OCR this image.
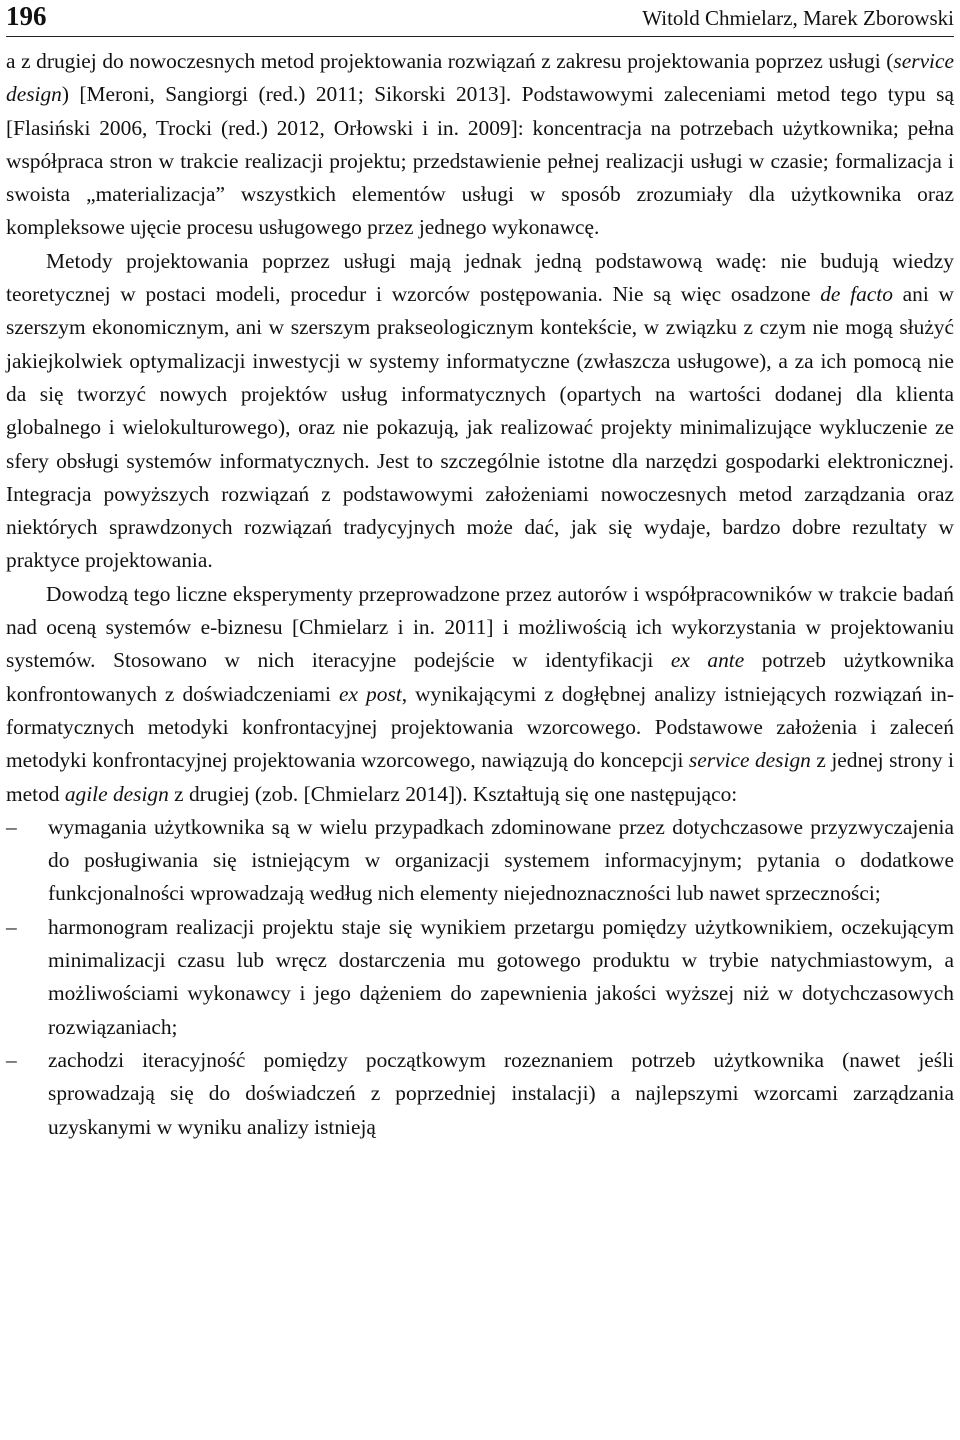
196	Witold Chmielarz, Marek Zborowski

a z drugiej do nowoczesnych metod projektowania rozwiązań z zakresu projektowania poprzez usługi (service design) [Meroni, Sangiorgi (red.) 2011; Sikorski 2013]. Podstawowymi zaleceniami metod tego typu są [Flasiński 2006, Trocki (red.) 2012, Orłowski i in. 2009]: koncentracja na potrzebach użytkownika; pełna współpraca stron w trakcie realizacji projektu; przedstawienie pełnej realizacji usługi w czasie; formalizacja i swoista „materializacja” wszystkich elementów usługi w sposób zrozumiały dla użytkownika oraz kompleksowe ujęcie procesu usługowego przez jednego wykonawcę.

Metody projektowania poprzez usługi mają jednak jedną podstawową wadę: nie budują wiedzy teoretycznej w postaci modeli, procedur i wzorców postępowania. Nie są więc osadzone de facto ani w szerszym ekonomicznym, ani w szerszym prakseologicznym kontekście, w związku z czym nie mogą służyć jakiejkolwiek optymalizacji inwestycji w systemy informatyczne (zwłaszcza usługowe), a za ich pomocą nie da się tworzyć nowych projektów usług informatycznych (opartych na wartości dodanej dla klienta globalnego i wielokulturowego), oraz nie pokazują, jak realizować projekty minimalizujące wykluczenie ze sfery obsługi systemów informatycznych. Jest to szczególnie istotne dla narzędzi gospodarki elektronicznej. Integracja powyższych rozwiązań z podstawowymi założeniami nowoczesnych metod zarządzania oraz niektórych sprawdzonych rozwiązań tradycyjnych może dać, jak się wydaje, bardzo dobre rezultaty w praktyce projektowania.

Dowodzą tego liczne eksperymenty przeprowadzone przez autorów i współpracowników w trakcie badań nad oceną systemów e-biznesu [Chmielarz i in. 2011] i możliwością ich wykorzystania w projektowaniu systemów. Stosowano w nich iteracyjne podejście w identyfikacji ex ante potrzeb użytkownika konfrontowanych z doświadczeniami ex post, wynikającymi z dogłębnej analizy istniejących rozwiązań informatycznych metodyki konfrontacyjnej projektowania wzorcowego. Podstawowe założenia i zaleceń metodyki konfrontacyjnej projektowania wzorcowego, nawiązują do koncepcji service design z jednej strony i metod agile design z drugiej (zob. [Chmielarz 2014]). Kształtują się one następująco:

–	wymagania użytkownika są w wielu przypadkach zdominowane przez dotychczasowe przyzwyczajenia do posługiwania się istniejącym w organizacji systemem informacyjnym; pytania o dodatkowe funkcjonalności wprowadzają według nich elementy niejednoznaczności lub nawet sprzeczności;
–	harmonogram realizacji projektu staje się wynikiem przetargu pomiędzy użytkownikiem, oczekującym minimalizacji czasu lub wręcz dostarczenia mu gotowego produktu w trybie natychmiastowym, a możliwościami wykonawcy i jego dążeniem do zapewnienia jakości wyższej niż w dotychczasowych rozwiązaniach;
–	zachodzi iteracyjność pomiędzy początkowym rozeznaniem potrzeb użytkownika (nawet jeśli sprowadzają się do doświadczeń z poprzedniej instalacji) a najlepszymi wzorcami zarządzania uzyskanymi w wyniku analizy istnieją
